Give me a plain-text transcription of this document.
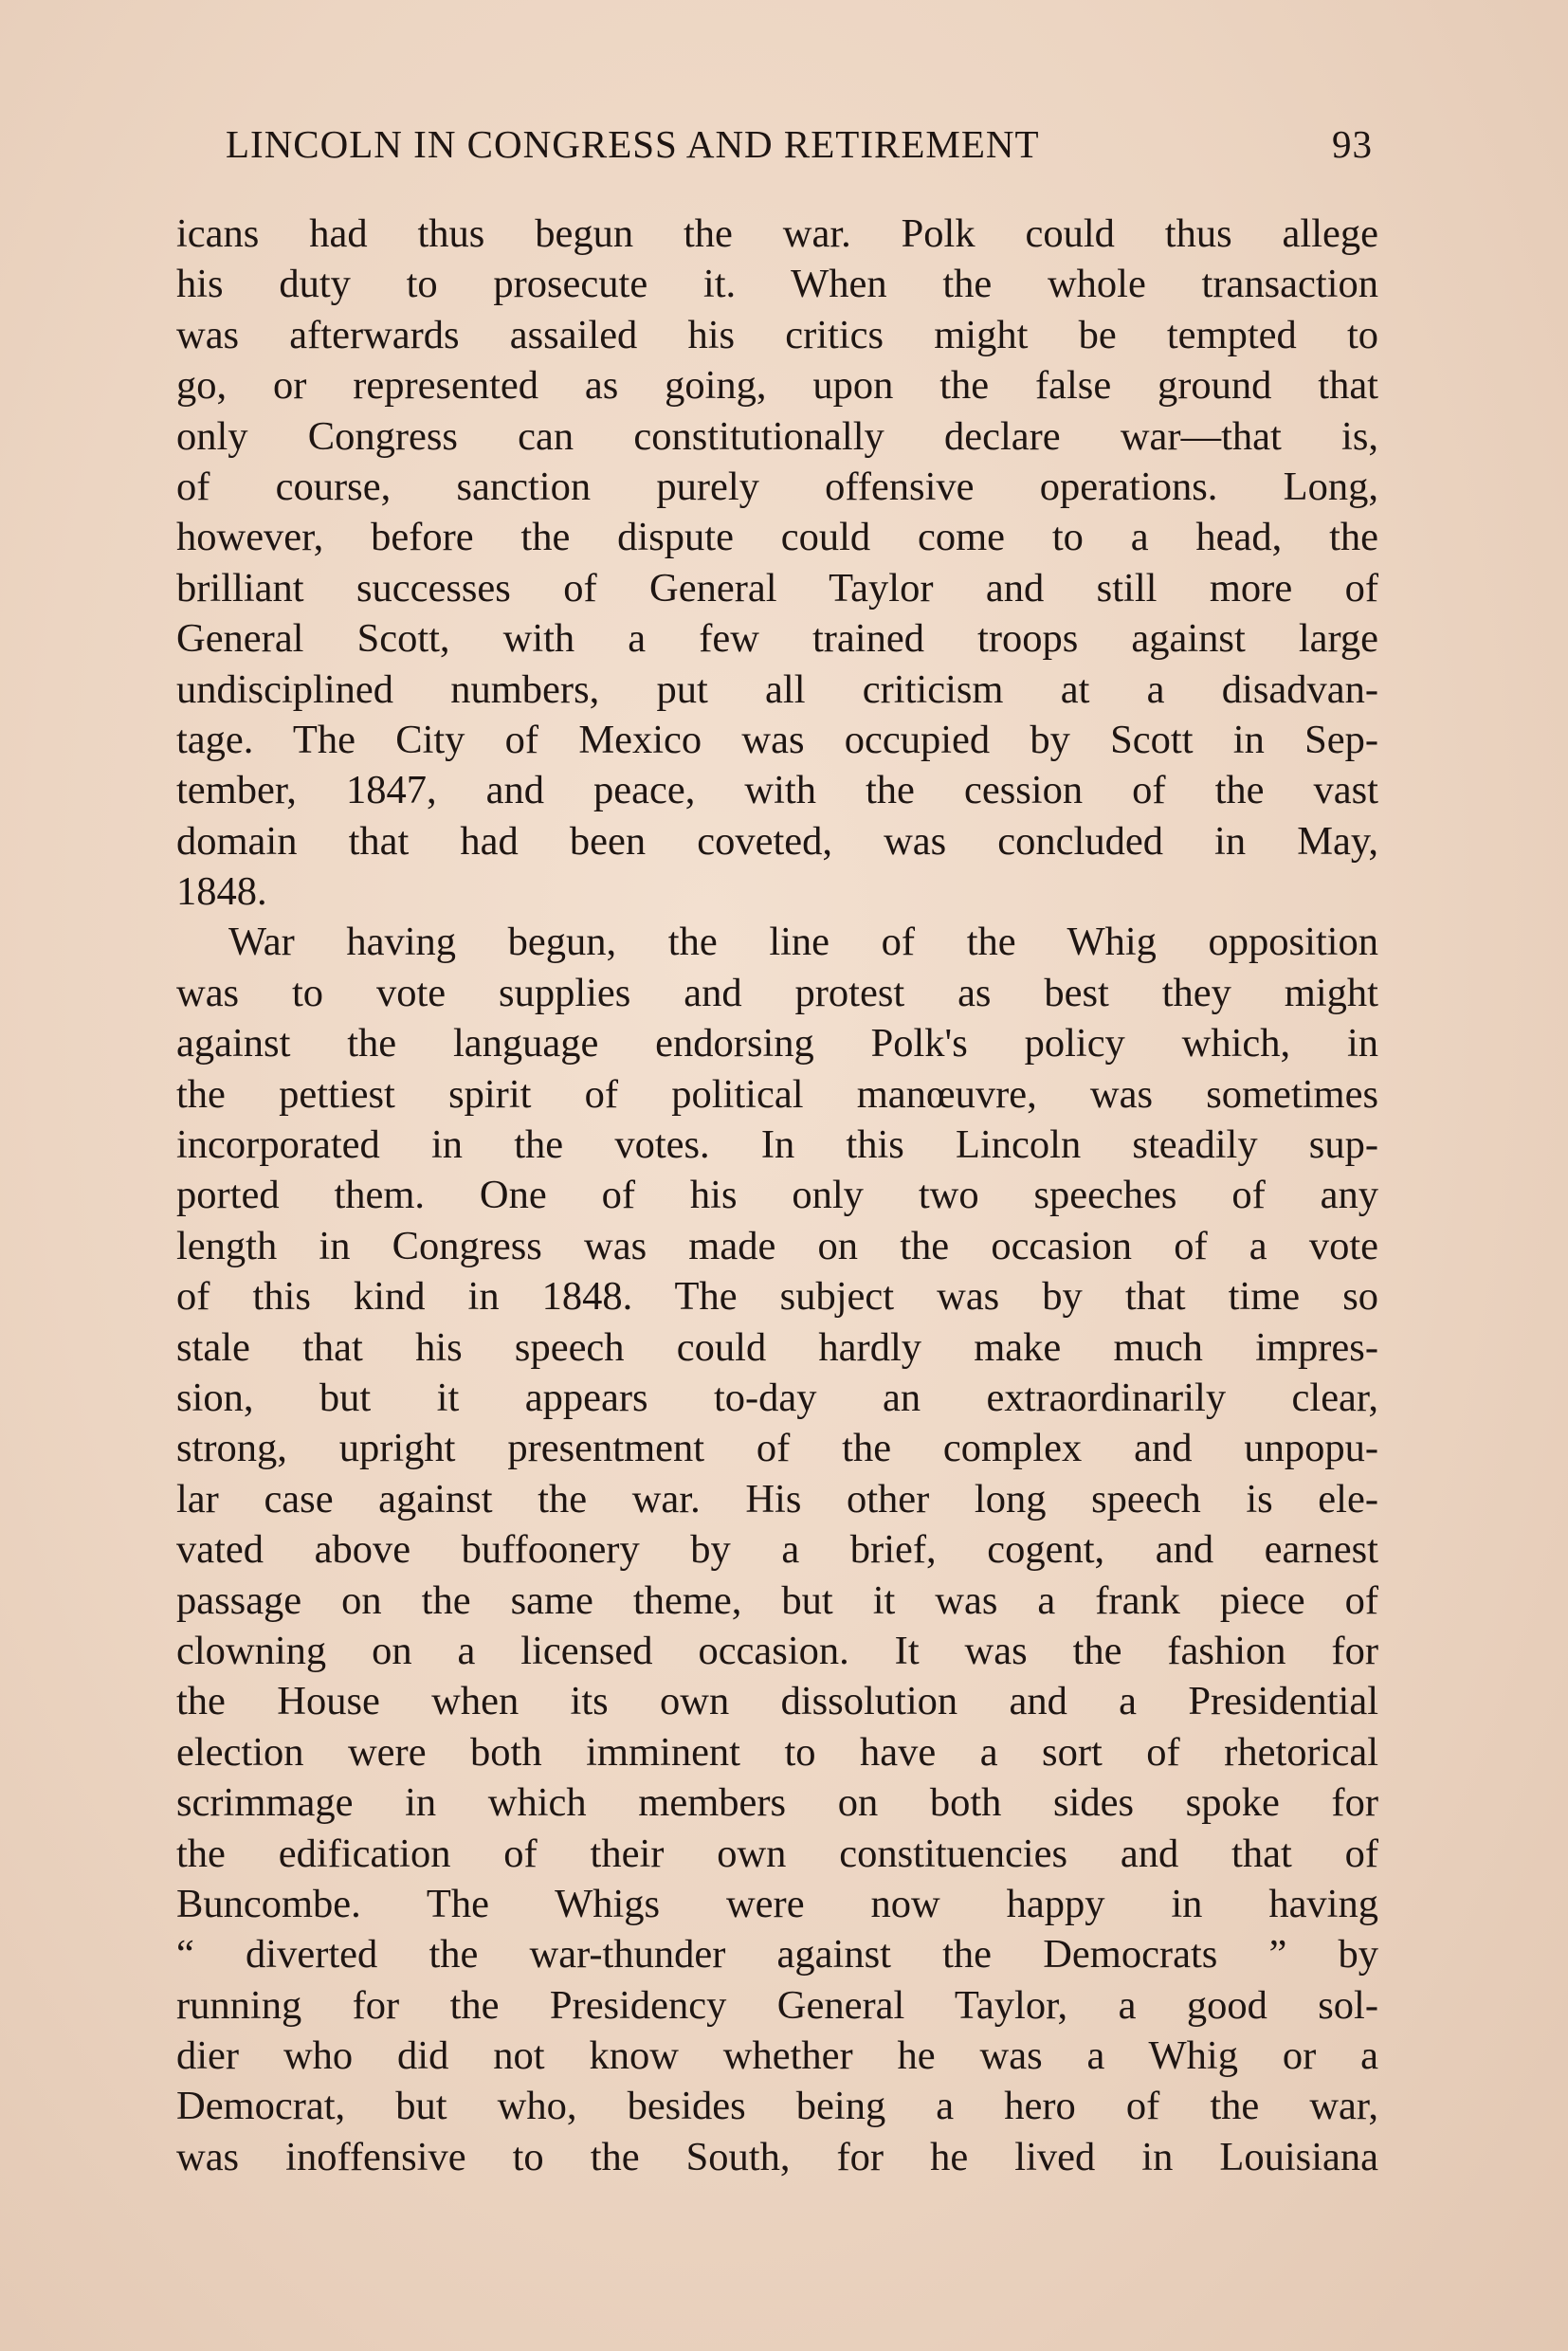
LINCOLN IN CONGRESS AND RETIREMENT	93
icans had thus begun the war. Polk could thus allege
his duty to prosecute it. When the whole transaction
was afterwards assailed his critics might be tempted to
go, or represented as going, upon the false ground that
only Congress can constitutionally declare war—that is,
of course, sanction purely offensive operations. Long,
however, before the dispute could come to a head, the
brilliant successes of General Taylor and still more of
General Scott, with a few trained troops against large
undisciplined numbers, put all criticism at a disadvan-
tage. The City of Mexico was occupied by Scott in Sep-
tember, 1847, and peace, with the cession of the vast
domain that had been coveted, was concluded in May,
1848.
War having begun, the line of the Whig opposition
was to vote supplies and protest as best they might
against the language endorsing Polk's policy which, in
the pettiest spirit of political manœuvre, was sometimes
incorporated in the votes. In this Lincoln steadily sup-
ported them. One of his only two speeches of any
length in Congress was made on the occasion of a vote
of this kind in 1848. The subject was by that time so
stale that his speech could hardly make much impres-
sion, but it appears to-day an extraordinarily clear,
strong, upright presentment of the complex and unpopu-
lar case against the war. His other long speech is ele-
vated above buffoonery by a brief, cogent, and earnest
passage on the same theme, but it was a frank piece of
clowning on a licensed occasion. It was the fashion for
the House when its own dissolution and a Presidential
election were both imminent to have a sort of rhetorical
scrimmage in which members on both sides spoke for
the edification of their own constituencies and that of
Buncombe. The Whigs were now happy in having
“ diverted the war-thunder against the Democrats ” by
running for the Presidency General Taylor, a good sol-
dier who did not know whether he was a Whig or a
Democrat, but who, besides being a hero of the war,
was inoffensive to the South, for he lived in Louisiana
